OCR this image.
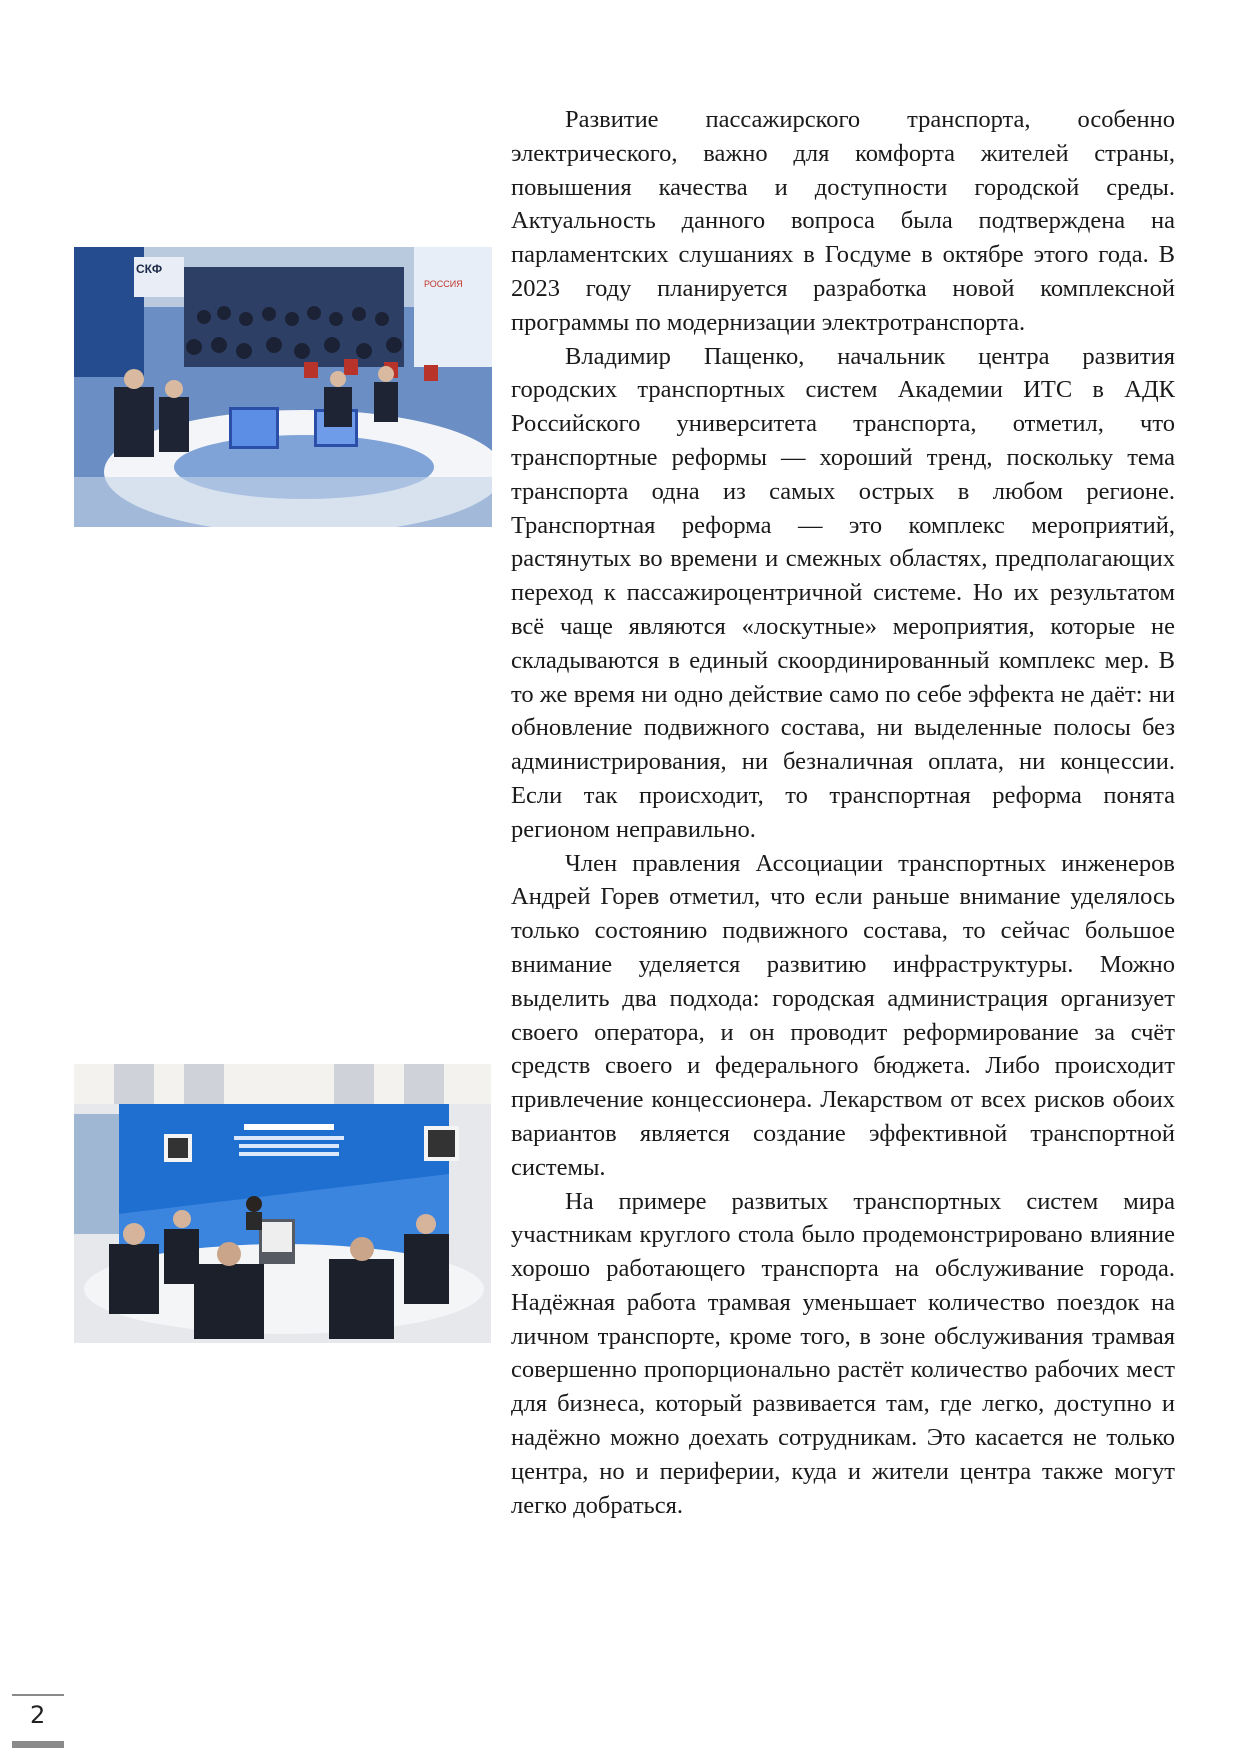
СКФ
РОССИЯ

Развитие пассажирского транспорта, особенно электрического, важно для комфорта жителей страны, повышения качества и доступности городской среды. Актуальность данного вопроса была подтверждена на парламентских слушаниях в Госдуме в октябре этого года. В 2023 году планируется разработка новой комплексной программы по модернизации электротранспорта.

Владимир Пащенко, начальник центра развития городских транспортных систем Академии ИТС в АДК Российского университета транспорта, отметил, что транспортные реформы — хороший тренд, поскольку тема транспорта одна из самых острых в любом регионе. Транспортная реформа — это комплекс мероприятий, растянутых во времени и смежных областях, предполагающих переход к пассажироцентричной системе. Но их результатом всё чаще являются «лоскутные» мероприятия, которые не складываются в единый скоординированный комплекс мер. В то же время ни одно действие само по себе эффекта не даёт: ни обновление подвижного состава, ни выделенные полосы без администрирования, ни безналичная оплата, ни концессии. Если так происходит, то транспортная реформа понята регионом неправильно.

Член правления Ассоциации транспортных инженеров Андрей Горев отметил, что если раньше внимание уделялось только состоянию подвижного состава, то сейчас большое внимание уделяется развитию инфраструктуры. Можно выделить два подхода: городская администрация организует своего оператора, и он проводит реформирование за счёт средств своего и федерального бюджета. Либо происходит привлечение концессионера. Лекарством от всех рисков обоих вариантов является создание эффективной транспортной системы.

На примере развитых транспортных систем мира участникам круглого стола было продемонстрировано влияние хорошо работающего транспорта на обслуживание города. Надёжная работа трамвая уменьшает количество поездок на личном транспорте, кроме того, в зоне обслуживания трамвая совершенно пропорционально растёт количество рабочих мест для бизнеса, который развивается там, где легко, доступно и надёжно можно доехать сотрудникам. Это касается не только центра, но и периферии, куда и жители центра также могут легко добраться.

2
